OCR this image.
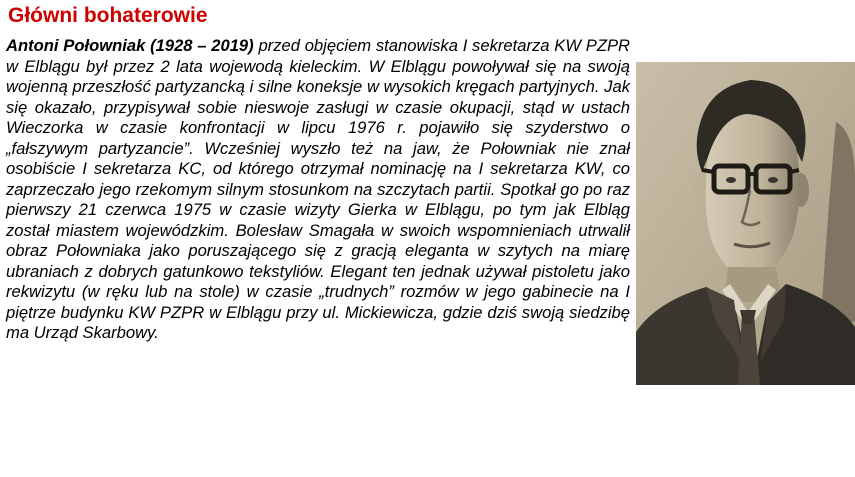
Główni bohaterowie
Antoni Połowniak (1928 – 2019) przed objęciem stanowiska I sekretarza KW PZPR w Elblągu był przez 2 lata wojewodą kieleckim. W Elblągu powoływał się na swoją wojenną przeszłość partyzancką i silne koneksje w wysokich kręgach partyjnych. Jak się okazało, przypisywał sobie nieswoje zasługi w czasie okupacji, stąd w ustach Wieczorka w czasie konfrontacji w lipcu 1976 r. pojawiło się szyderstwo o „fałszywym partyzancie”. Wcześniej wyszło też na jaw, że Połowniak nie znał osobiście I sekretarza KC, od którego otrzymał nominację na I sekretarza KW, co zaprzeczało jego rzekomym silnym stosunkom na szczytach partii. Spotkał go po raz pierwszy 21 czerwca 1975 w czasie wizyty Gierka w Elblągu, po tym jak Elbląg został miastem wojewódzkim. Bolesław Smagała w swoich wspomnieniach utrwalił obraz Połowniaka jako poruszającego się z gracją eleganta w szytych na miarę ubraniach z dobrych gatunkowo tekstyliów. Elegant ten jednak używał pistoletu jako rekwizytu (w ręku lub na stole) w czasie „trudnych” rozmów w jego gabinecie na I piętrze budynku KW PZPR w Elblągu przy ul. Mickiewicza, gdzie dziś swoją siedzibę ma Urząd Skarbowy.
